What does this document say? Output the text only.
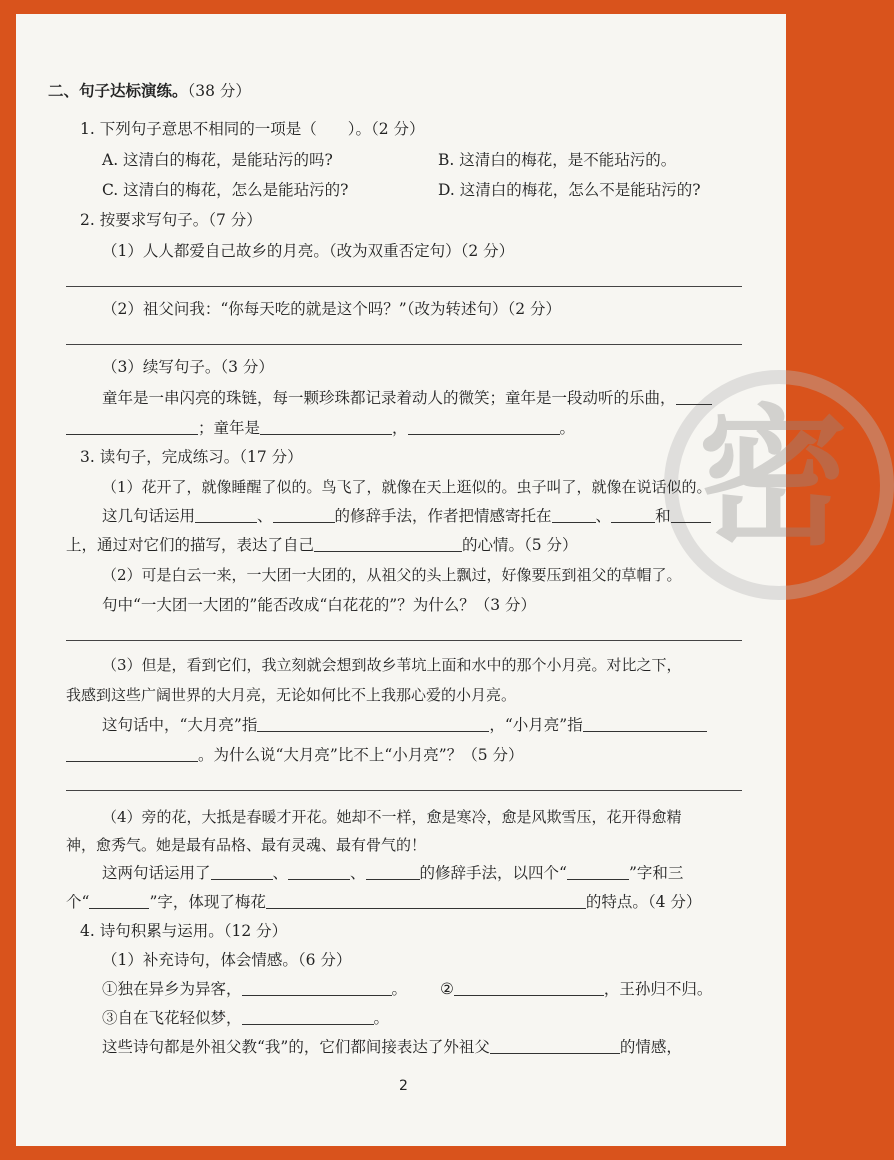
密
二、句子达标演练。（38 分）
1. 下列句子意思不相同的一项是（　　）。（2 分）
A. 这清白的梅花，是能玷污的吗?	B. 这清白的梅花，是不能玷污的。
C. 这清白的梅花，怎么是能玷污的?	D. 这清白的梅花，怎么不是能玷污的?
2. 按要求写句子。（7 分）
（1）人人都爱自己故乡的月亮。（改为双重否定句）（2 分）
（2）祖父问我：“你每天吃的就是这个吗？”（改为转述句）（2 分）
（3）续写句子。（3 分）
童年是一串闪亮的珠链，每一颗珍珠都记录着动人的微笑；童年是一段动听的乐曲，
；童年是	，	。
3. 读句子，完成练习。（17 分）
（1）花开了，就像睡醒了似的。鸟飞了，就像在天上逛似的。虫子叫了，就像在说话似的。
这几句话运用	、	的修辞手法，作者把情感寄托在	、	和
上，通过对它们的描写，表达了自己	的心情。（5 分）
（2）可是白云一来，一大团一大团的，从祖父的头上飘过，好像要压到祖父的草帽了。
句中“一大团一大团的”能否改成“白花花的”？为什么？（3 分）
（3）但是，看到它们，我立刻就会想到故乡苇坑上面和水中的那个小月亮。对比之下，
我感到这些广阔世界的大月亮，无论如何比不上我那心爱的小月亮。
这句话中，“大月亮”指	，“小月亮”指
。为什么说“大月亮”比不上“小月亮”？（5 分）
（4）旁的花，大抵是春暖才开花。她却不一样，愈是寒冷，愈是风欺雪压，花开得愈精
神，愈秀气。她是最有品格、最有灵魂、最有骨气的！
这两句话运用了	、	、	的修辞手法，以四个“	”字和三
个“	”字，体现了梅花	的特点。（4 分）
4. 诗句积累与运用。（12 分）
（1）补充诗句，体会情感。（6 分）
①独在异乡为异客，	。 ②	，王孙归不归。
③自在飞花轻似梦，	。
这些诗句都是外祖父教“我”的，它们都间接表达了外祖父	的情感，
2
